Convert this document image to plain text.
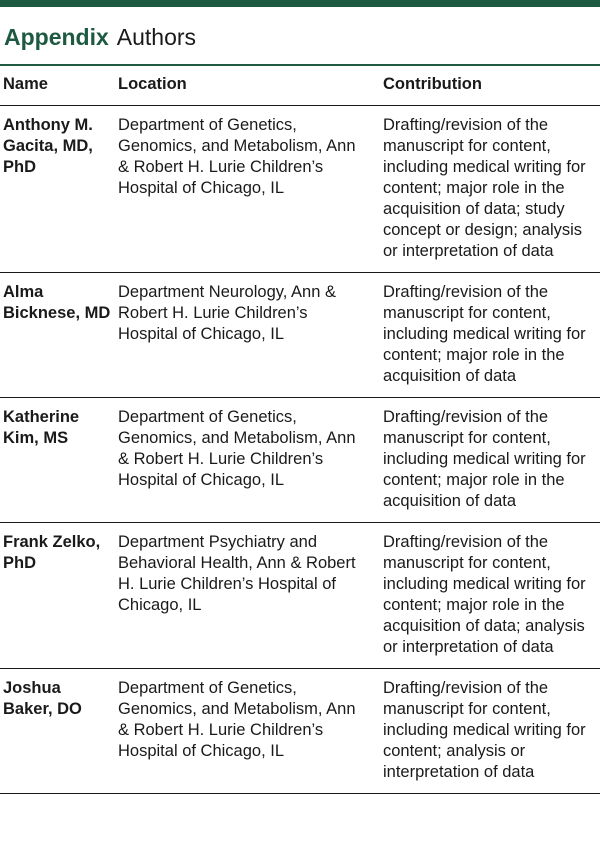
Appendix Authors
Name	Location	Contribution
Anthony M. Gacita, MD, PhD	Department of Genetics, Genomics, and Metabolism, Ann & Robert H. Lurie Children’s Hospital of Chicago, IL	Drafting/revision of the manuscript for content, including medical writing for content; major role in the acquisition of data; study concept or design; analysis or interpretation of data
Alma Bicknese, MD	Department Neurology, Ann & Robert H. Lurie Children’s Hospital of Chicago, IL	Drafting/revision of the manuscript for content, including medical writing for content; major role in the acquisition of data
Katherine Kim, MS	Department of Genetics, Genomics, and Metabolism, Ann & Robert H. Lurie Children’s Hospital of Chicago, IL	Drafting/revision of the manuscript for content, including medical writing for content; major role in the acquisition of data
Frank Zelko, PhD	Department Psychiatry and Behavioral Health, Ann & Robert H. Lurie Children’s Hospital of Chicago, IL	Drafting/revision of the manuscript for content, including medical writing for content; major role in the acquisition of data; analysis or interpretation of data
Joshua Baker, DO	Department of Genetics, Genomics, and Metabolism, Ann & Robert H. Lurie Children’s Hospital of Chicago, IL	Drafting/revision of the manuscript for content, including medical writing for content; analysis or interpretation of data
